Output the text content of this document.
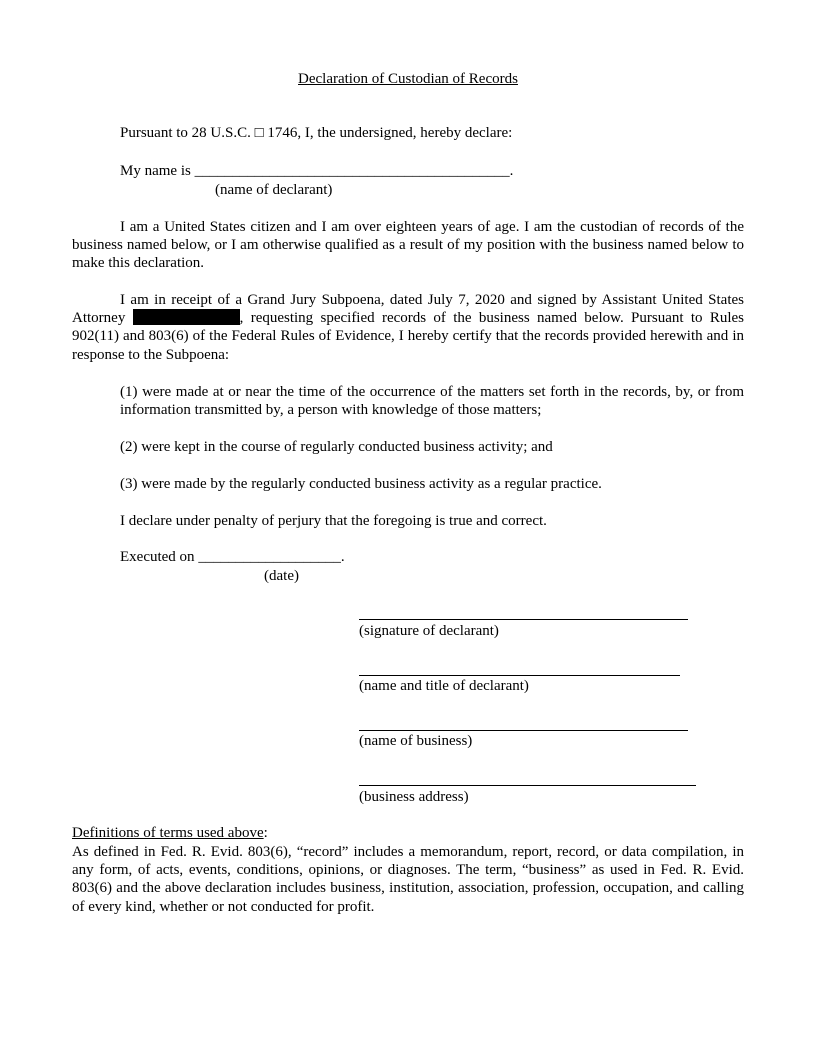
Declaration of Custodian of Records
Pursuant to 28 U.S.C. □ 1746, I, the undersigned, hereby declare:
My name is __________________________________________.
(name of declarant)
I am a United States citizen and I am over eighteen years of age. I am the custodian of records of the business named below, or I am otherwise qualified as a result of my position with the business named below to make this declaration.
I am in receipt of a Grand Jury Subpoena, dated July 7, 2020 and signed by Assistant United States Attorney	, requesting specified records of the business named below. Pursuant to Rules 902(11) and 803(6) of the Federal Rules of Evidence, I hereby certify that the records provided herewith and in response to the Subpoena:
(1) were made at or near the time of the occurrence of the matters set forth in the records, by, or from information transmitted by, a person with knowledge of those matters;
(2) were kept in the course of regularly conducted business activity; and
(3) were made by the regularly conducted business activity as a regular practice.
I declare under penalty of perjury that the foregoing is true and correct.
Executed on ___________________.
(date)
(signature of declarant)
(name and title of declarant)
(name of business)
(business address)
Definitions of terms used above:
As defined in Fed. R. Evid. 803(6), “record” includes a memorandum, report, record, or data compilation, in any form, of acts, events, conditions, opinions, or diagnoses. The term, “business” as used in Fed. R. Evid. 803(6) and the above declaration includes business, institution, association, profession, occupation, and calling of every kind, whether or not conducted for profit.
